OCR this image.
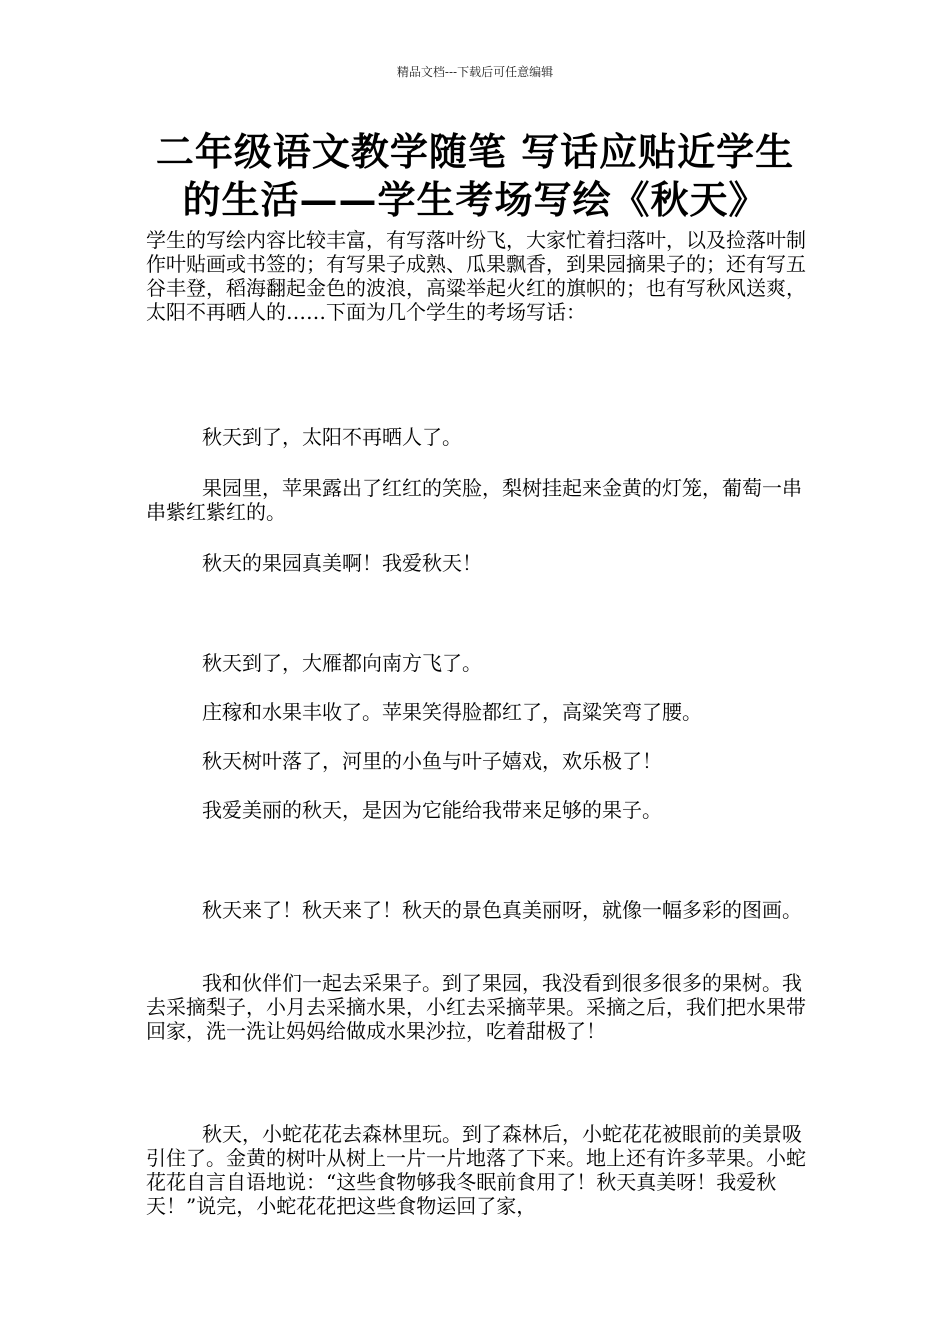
精品文档---下载后可任意编辑
二年级语文教学随笔 写话应贴近学生
的生活——学生考场写绘《秋天》

学生的写绘内容比较丰富，有写落叶纷飞，大家忙着扫落叶，以及捡落叶制作叶贴画或书签的；有写果子成熟、瓜果飘香，到果园摘果子的；还有写五谷丰登，稻海翻起金色的波浪，高粱举起火红的旗帜的；也有写秋风送爽，太阳不再晒人的……下面为几个学生的考场写话：

秋天到了，太阳不再晒人了。

果园里，苹果露出了红红的笑脸，梨树挂起来金黄的灯笼，葡萄一串串紫红紫红的。

秋天的果园真美啊！我爱秋天！

秋天到了，大雁都向南方飞了。

庄稼和水果丰收了。苹果笑得脸都红了，高粱笑弯了腰。

秋天树叶落了，河里的小鱼与叶子嬉戏，欢乐极了！

我爱美丽的秋天，是因为它能给我带来足够的果子。

秋天来了！秋天来了！秋天的景色真美丽呀，就像一幅多彩的图画。

我和伙伴们一起去采果子。到了果园，我没看到很多很多的果树。我去采摘梨子，小月去采摘水果，小红去采摘苹果。采摘之后，我们把水果带回家，洗一洗让妈妈给做成水果沙拉，吃着甜极了！

秋天，小蛇花花去森林里玩。到了森林后，小蛇花花被眼前的美景吸引住了。金黄的树叶从树上一片一片地落了下来。地上还有许多苹果。小蛇花花自言自语地说：“这些食物够我冬眠前食用了！秋天真美呀！我爱秋天！”说完，小蛇花花把这些食物运回了家，
